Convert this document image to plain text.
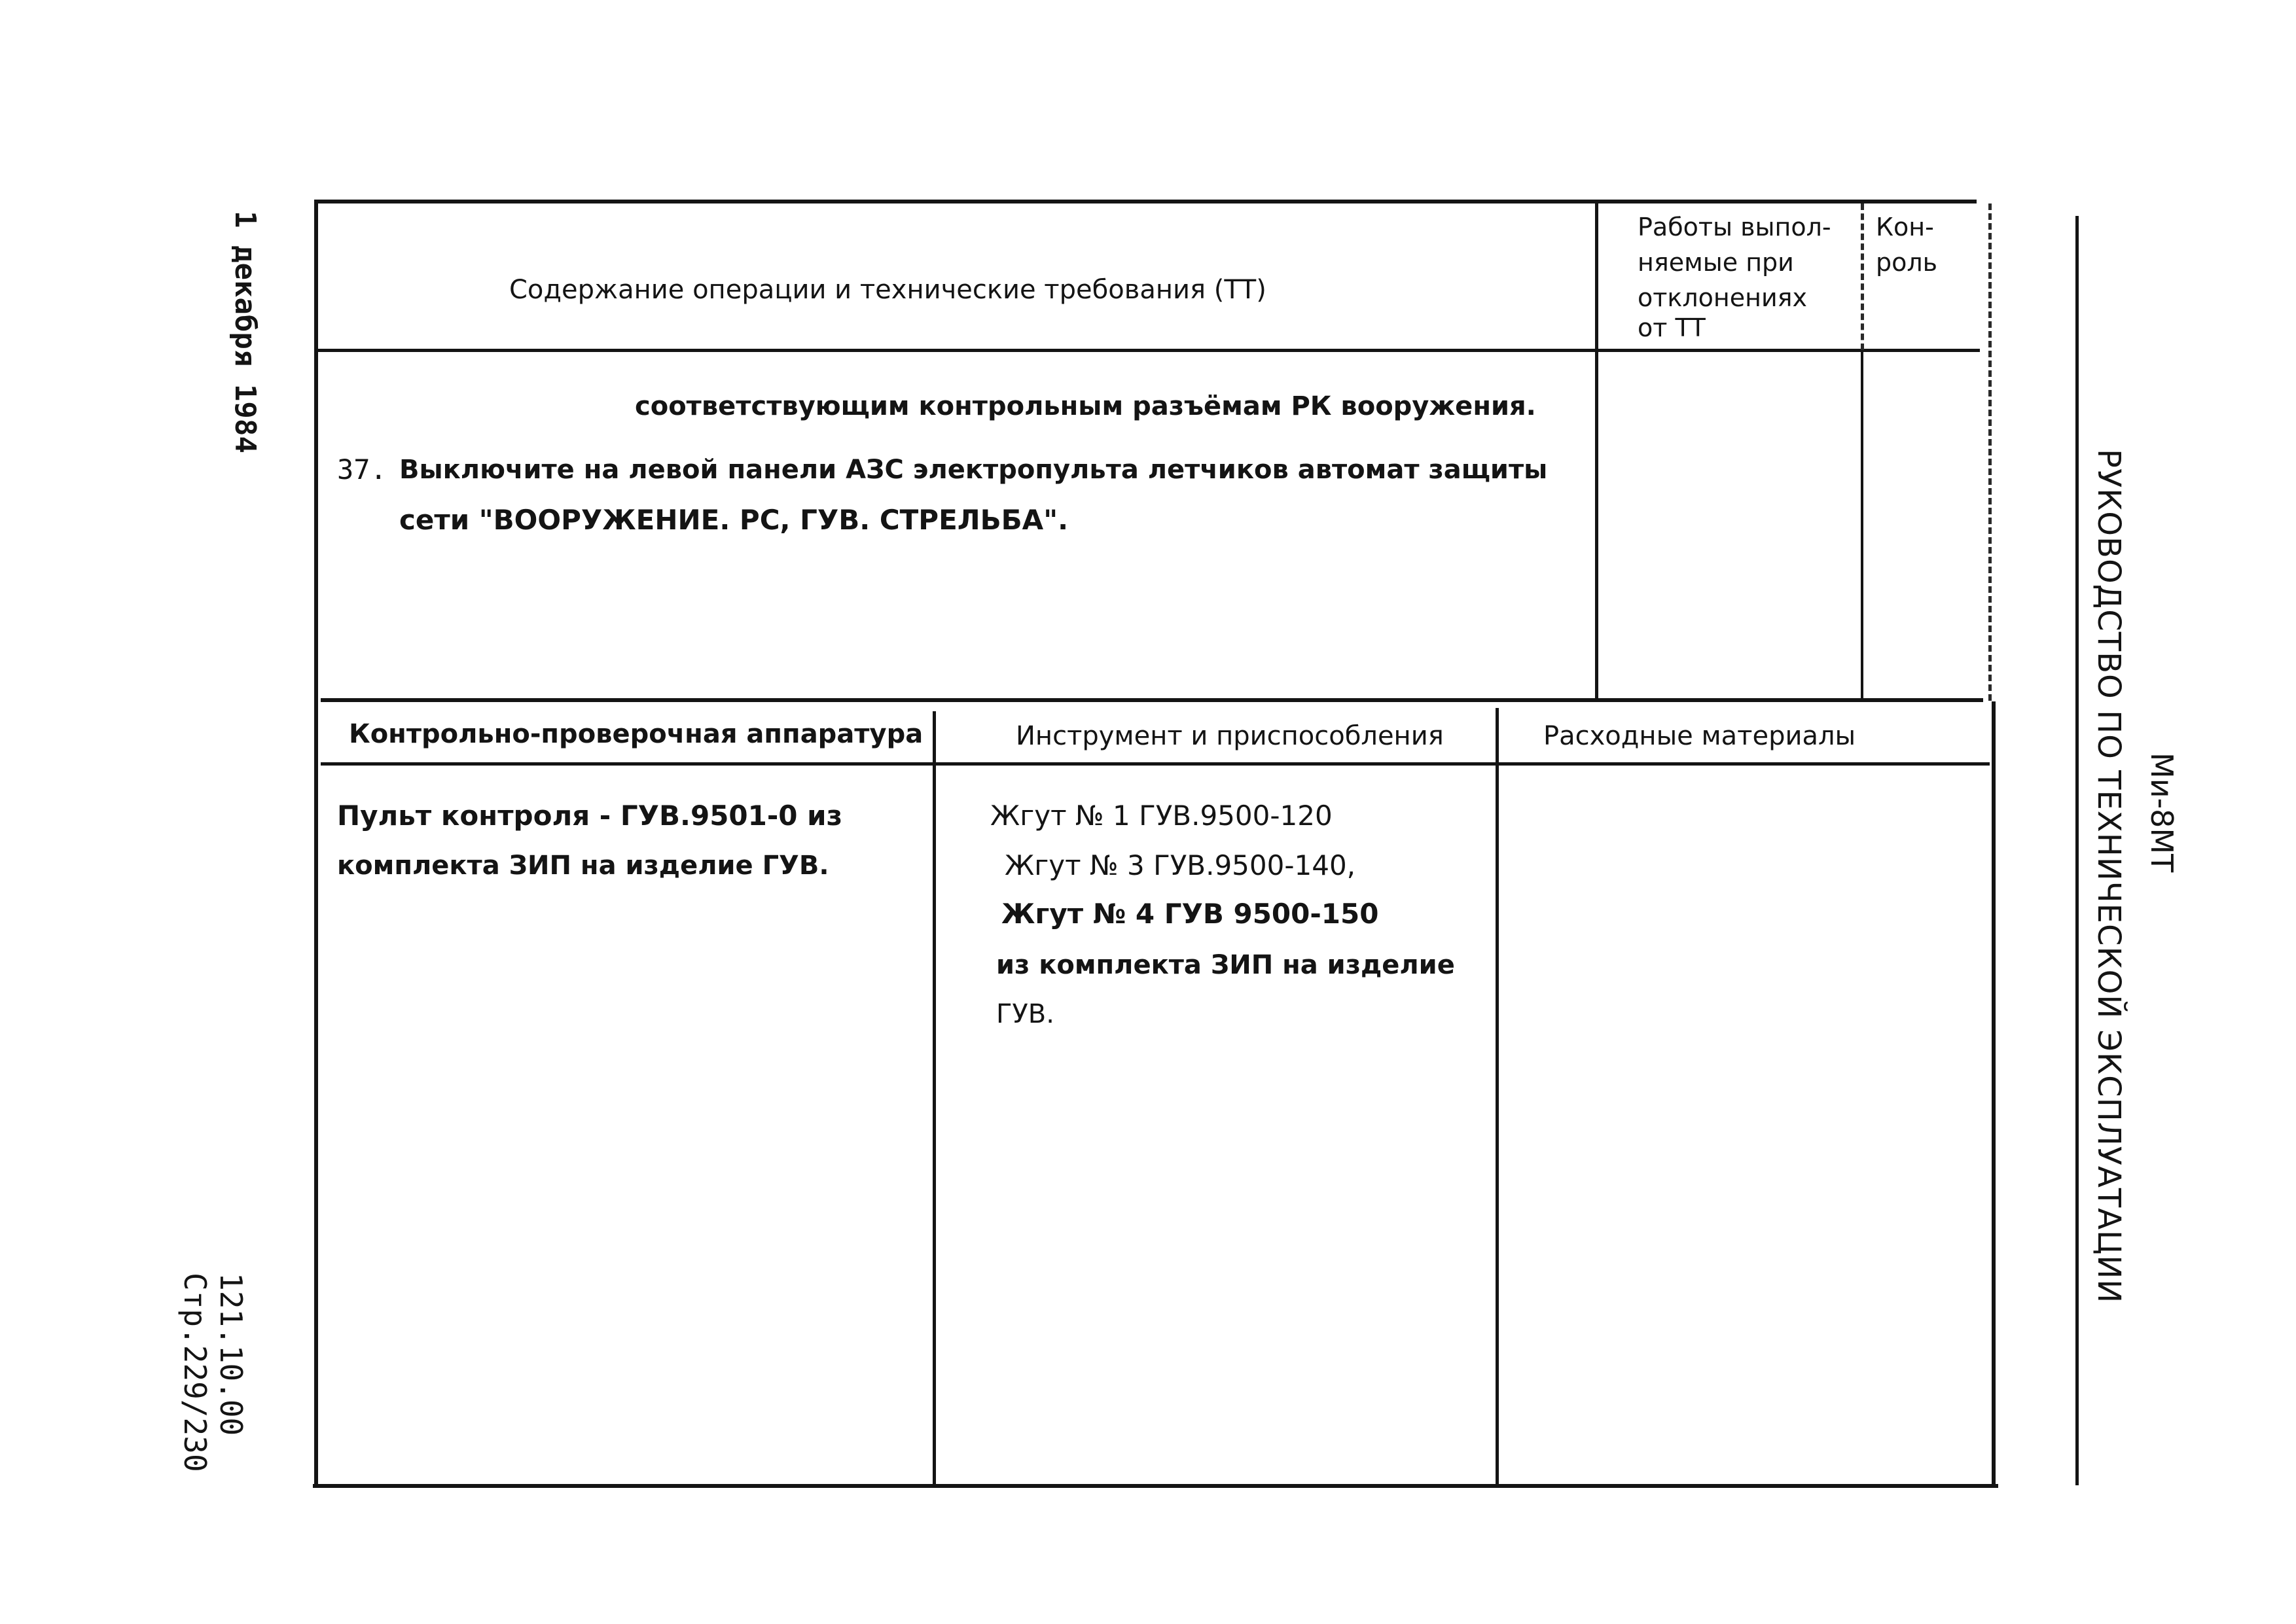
Содержание операции и технические требования (ТТ)
Работы выпол-
няемые при
отклонениях
от ТТ
Кон-
роль
соответствующим контрольным разъёмам РК вооружения.
37. Выключите на левой панели АЗС электропульта летчиков автомат защиты
сети "ВООРУЖЕНИЕ. РС, ГУВ. СТРЕЛЬБА".
Контрольно-проверочная аппаратура	Инструмент и приспособления	Расходные материалы
Пульт контроля - ГУВ.9501-0 из
комплекта ЗИП на изделие ГУВ.
Жгут № 1 ГУВ.9500-120
Жгут № 3 ГУВ.9500-140,
Жгут № 4 ГУВ 9500-150
из комплекта ЗИП на изделие
ГУВ.
1 декабря 1984
121.10.00
Стр.229/230
РУКОВОДСТВО ПО ТЕХНИЧЕСКОЙ ЭКСПЛУАТАЦИИ Ми-8МТ
